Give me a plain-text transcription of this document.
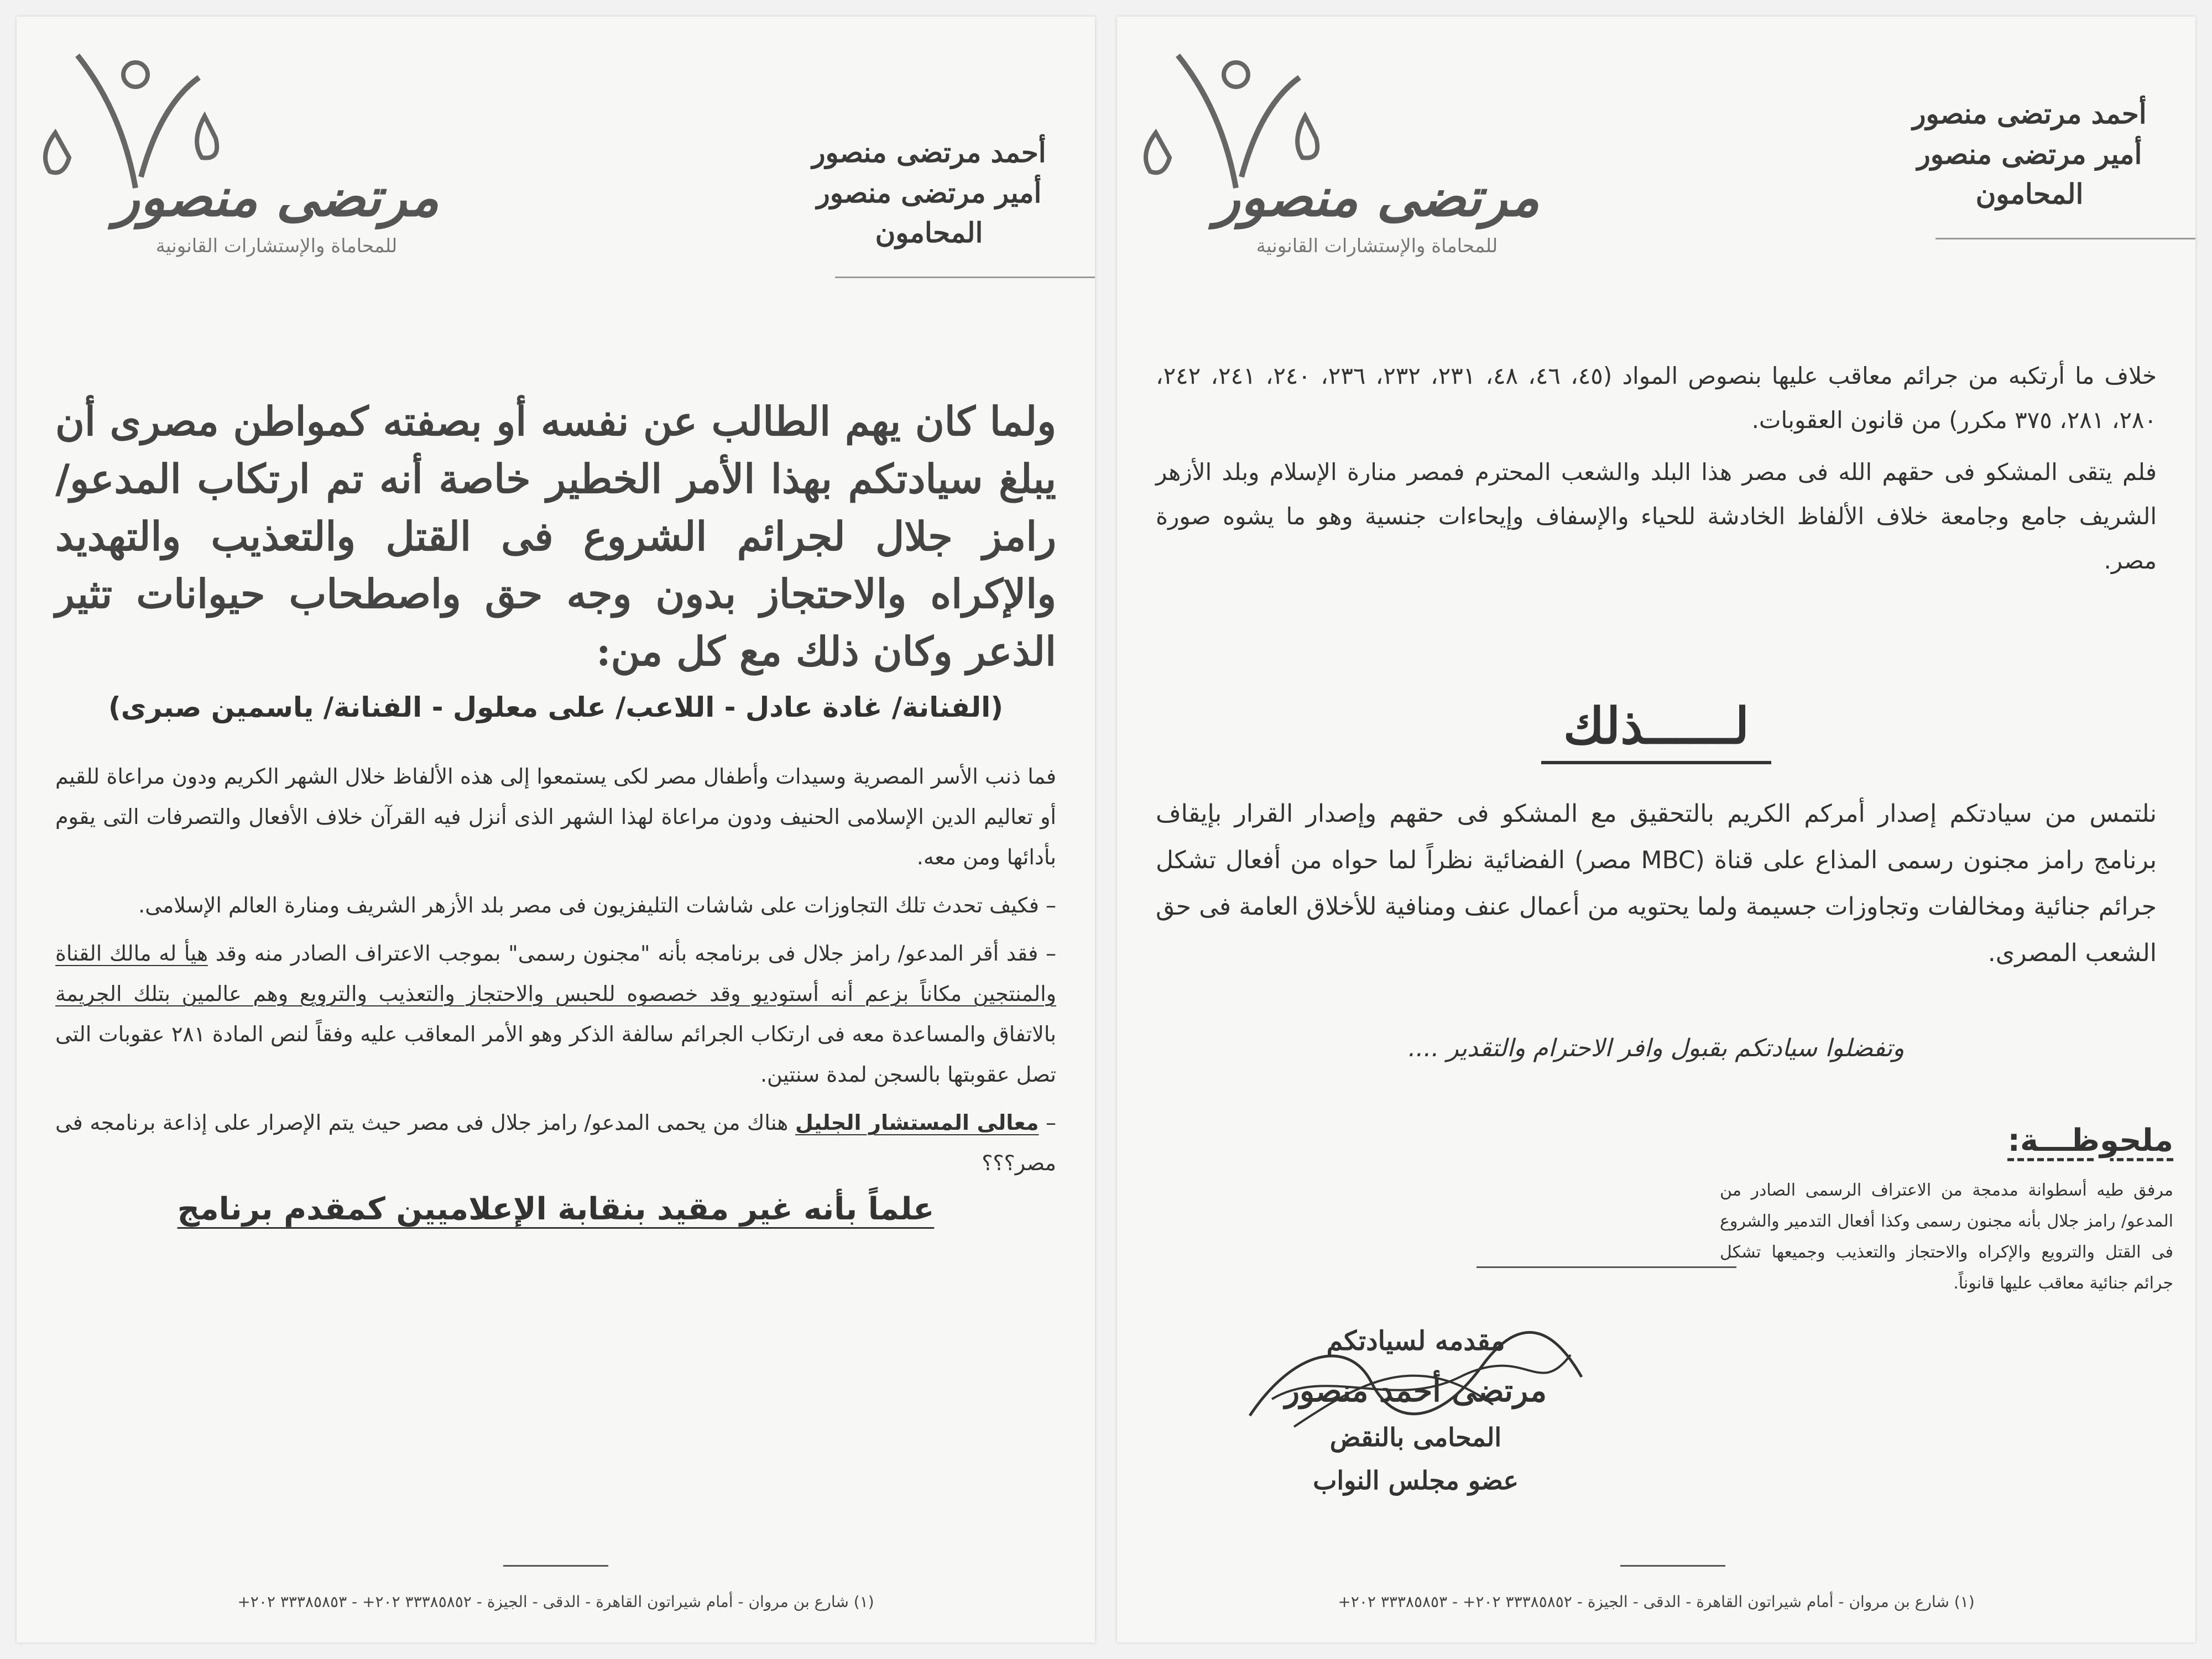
مرتضى منصور
للمحاماة والإستشارات القانونية
أحمد مرتضى منصور
أمير مرتضى منصور
المحامون
ولما كان يهم الطالب عن نفسه أو بصفته كمواطن مصرى أن يبلغ سيادتكم بهذا الأمر الخطير خاصة أنه تم ارتكاب المدعو/ رامز جلال لجرائم الشروع فى القتل والتعذيب والتهديد والإكراه والاحتجاز بدون وجه حق واصطحاب حيوانات تثير الذعر وكان ذلك مع كل من:
(الفنانة/ غادة عادل - اللاعب/ على معلول - الفنانة/ ياسمين صبرى)
فما ذنب الأسر المصرية وسيدات وأطفال مصر لكى يستمعوا إلى هذه الألفاظ خلال الشهر الكريم ودون مراعاة للقيم أو تعاليم الدين الإسلامى الحنيف ودون مراعاة لهذا الشهر الذى أنزل فيه القرآن خلاف الأفعال والتصرفات التى يقوم بأدائها ومن معه.
– فكيف تحدث تلك التجاوزات على شاشات التليفزيون فى مصر بلد الأزهر الشريف ومنارة العالم الإسلامى.
– فقد أقر المدعو/ رامز جلال فى برنامجه بأنه "مجنون رسمى" بموجب الاعتراف الصادر منه وقد هيأ له مالك القناة والمنتجين مكاناً بزعم أنه أستوديو وقد خصصوه للحبس والاحتجاز والتعذيب والترويع وهم عالمين بتلك الجريمة بالاتفاق والمساعدة معه فى ارتكاب الجرائم سالفة الذكر وهو الأمر المعاقب عليه وفقاً لنص المادة ٢٨١ عقوبات التى تصل عقوبتها بالسجن لمدة سنتين.
– معالى المستشار الجليل هناك من يحمى المدعو/ رامز جلال فى مصر حيث يتم الإصرار على إذاعة برنامجه فى مصر؟؟؟
علماً بأنه غير مقيد بنقابة الإعلاميين كمقدم برنامج
(١) شارع بن مروان - أمام شيراتون القاهرة - الدقى - الجيزة - ٣٣٣٨٥٨٥٢ ٢٠٢+ - ٣٣٣٨٥٨٥٣ ٢٠٢+
مرتضى منصور
للمحاماة والإستشارات القانونية
أحمد مرتضى منصور
أمير مرتضى منصور
المحامون
خلاف ما أرتكبه من جرائم معاقب عليها بنصوص المواد (٤٥، ٤٦، ٤٨، ٢٣١، ٢٣٢، ٢٣٦، ٢٤٠، ٢٤١، ٢٤٢، ٢٨٠، ٢٨١، ٣٧٥ مكرر) من قانون العقوبات.
فلم يتقى المشكو فى حقهم الله فى مصر هذا البلد والشعب المحترم فمصر منارة الإسلام وبلد الأزهر الشريف جامع وجامعة خلاف الألفاظ الخادشة للحياء والإسفاف وإيحاءات جنسية وهو ما يشوه صورة مصر.
لــــــذلك
نلتمس من سيادتكم إصدار أمركم الكريم بالتحقيق مع المشكو فى حقهم وإصدار القرار بإيقاف برنامج رامز مجنون رسمى المذاع على قناة (MBC مصر) الفضائية نظراً لما حواه من أفعال تشكل جرائم جنائية ومخالفات وتجاوزات جسيمة ولما يحتويه من أعمال عنف ومنافية للأخلاق العامة فى حق الشعب المصرى.
وتفضلوا سيادتكم بقبول وافر الاحترام والتقدير ....
ملحوظـــة:
مرفق طيه أسطوانة مدمجة من الاعتراف الرسمى الصادر من المدعو/ رامز جلال بأنه مجنون رسمى وكذا أفعال التدمير والشروع فى القتل والترويع والإكراه والاحتجاز والتعذيب وجميعها تشكل جرائم جنائية معاقب عليها قانوناً.
مقدمه لسيادتكم
مرتضى أحمد منصور
المحامى بالنقض
عضو مجلس النواب
(١) شارع بن مروان - أمام شيراتون القاهرة - الدقى - الجيزة - ٣٣٣٨٥٨٥٢ ٢٠٢+ - ٣٣٣٨٥٨٥٣ ٢٠٢+
